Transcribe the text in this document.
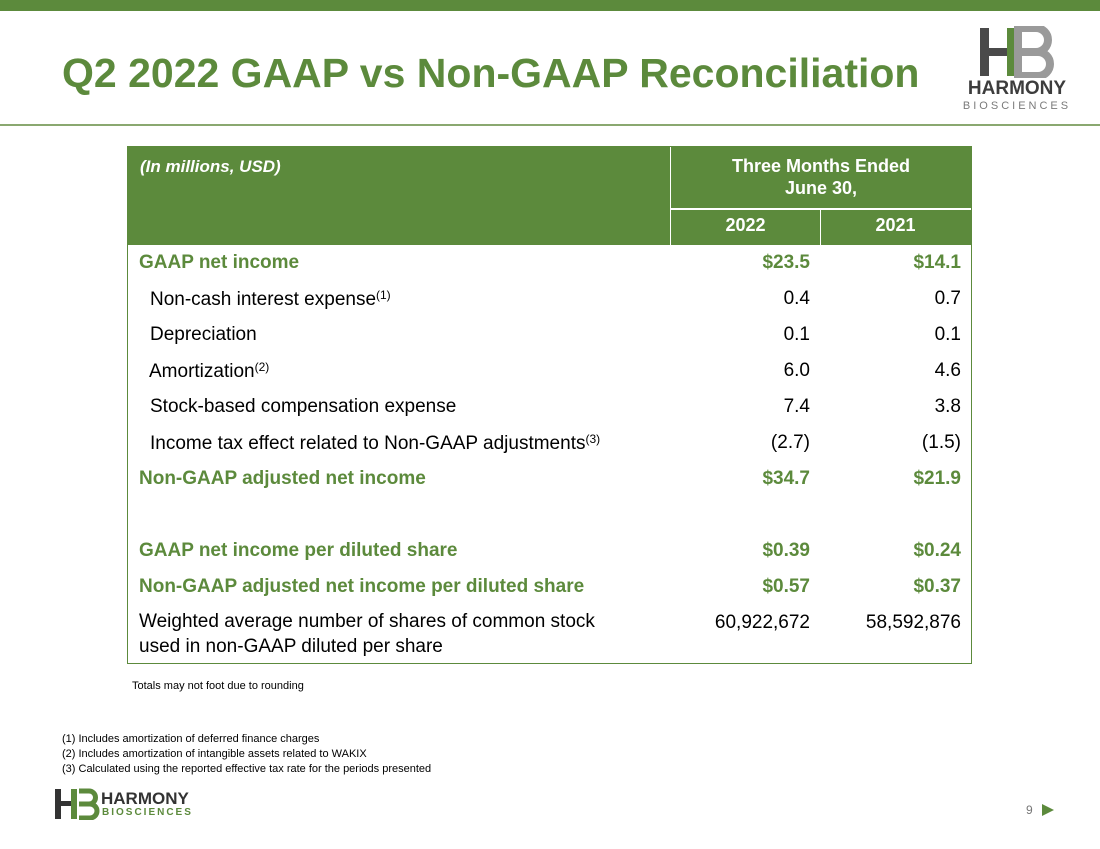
Q2 2022 GAAP vs Non-GAAP Reconciliation	HARMONY
BIOSCIENCES
(In millions, USD)	Three Months Ended
June 30,
2022	2021
GAAP net income	$23.5	$14.1
Non-cash interest expense$^{(1)}$	0.4	0.7
Depreciation	0.1	0.1
Amortization$^{(2)}$	6.0	4.6
Stock-based compensation expense	7.4	3.8
Income tax effect related to Non-GAAP adjustments$^{(3)}$	(2.7)	(1.5)
Non-GAAP adjusted net income	$34.7	$21.9
GAAP net income per diluted share	$0.39	$0.24
Non-GAAP adjusted net income per diluted share	$0.57	$0.37
Weighted average number of shares of common stock
used in non-GAAP diluted per share
60,922,672	58,592,876
Totals may not foot due to rounding
(1) Includes amortization of deferred finance charges
(2) Includes amortization of intangible assets related to WAKIX
(3) Calculated using the reported effective tax rate for the periods presented
HARMONY
BIOSCIENCES	9
